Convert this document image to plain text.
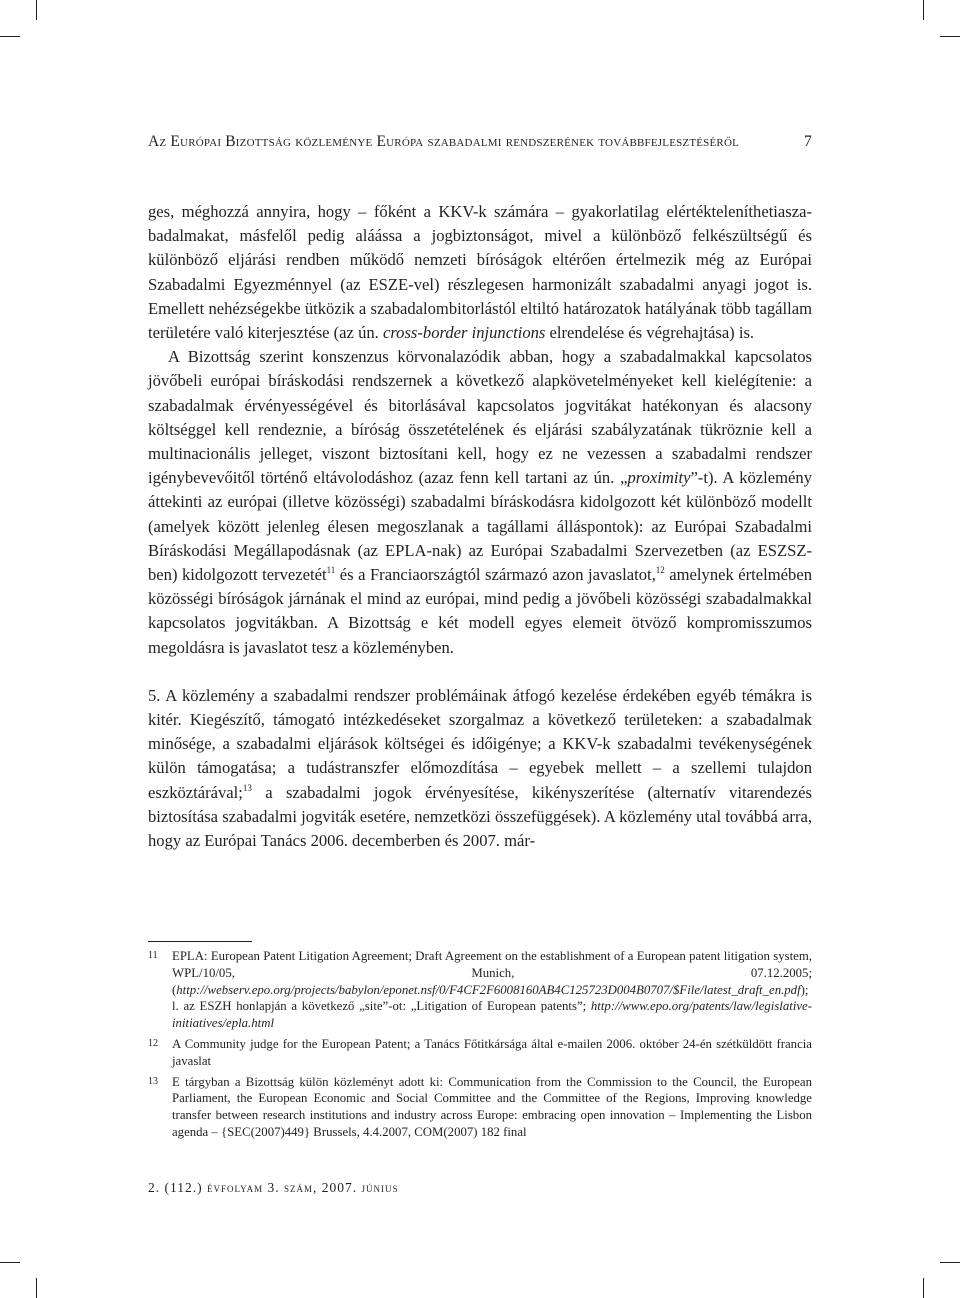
Az Európai Bizottság közleménye Európa szabadalmi rendszerének továbbfejlesztéséről	7

ges, méghozzá annyira, hogy – főként a KKV-k számára – gyakorlatilag elértékteleníthetiaszabadalmakat, másfelől pedig aláássa a jogbiztonságot, mivel a különböző felkészültségű és különböző eljárási rendben működő nemzeti bíróságok eltérően értelmezik még az Európai Szabadalmi Egyezménnyel (az ESZE-vel) részlegesen harmonizált szabadalmi anyagi jogot is. Emellett nehézségekbe ütközik a szabadalombitorlástól eltiltó határozatok hatályának több tagállam területére való kiterjesztése (az ún. cross-border injunctions elrendelése és végrehajtása) is.

A Bizottság szerint konszenzus körvonalazódik abban, hogy a szabadalmakkal kapcsolatos jövőbeli európai bíráskodási rendszernek a következő alapkövetelményeket kell kielégítenie: a szabadalmak érvényességével és bitorlásával kapcsolatos jogvitákat hatékonyan és alacsony költséggel kell rendeznie, a bíróság összetételének és eljárási szabályzatának tükröznie kell a multinacionális jelleget, viszont biztosítani kell, hogy ez ne vezessen a szabadalmi rendszer igénybevevőitől történő eltávolodáshoz (azaz fenn kell tartani az ún. „proximity”-t). A közlemény áttekinti az európai (illetve közösségi) szabadalmi bíráskodásra kidolgozott két különböző modellt (amelyek között jelenleg élesen megoszlanak a tagállami álláspontok): az Európai Szabadalmi Bíráskodási Megállapodásnak (az EPLA-nak) az Európai Szabadalmi Szervezetben (az ESZSZ-ben) kidolgozott tervezetét$^{11}$ és a Franciaországtól származó azon javaslatot,$^{12}$ amelynek értelmében közösségi bíróságok járnának el mind az európai, mind pedig a jövőbeli közösségi szabadalmakkal kapcsolatos jogvitákban. A Bizottság e két modell egyes elemeit ötvöző kompromisszumos megoldásra is javaslatot tesz a közleményben.

5. A közlemény a szabadalmi rendszer problémáinak átfogó kezelése érdekében egyéb témákra is kitér. Kiegészítő, támogató intézkedéseket szorgalmaz a következő területeken: a szabadalmak minősége, a szabadalmi eljárások költségei és időigénye; a KKV-k szabadalmi tevékenységének külön támogatása; a tudástranszfer előmozdítása – egyebek mellett – a szellemi tulajdon eszköztárával;$^{13}$ a szabadalmi jogok érvényesítése, kikényszerítése (alternatív vitarendezés biztosítása szabadalmi jogviták esetére, nemzetközi összefüggések). A közlemény utal továbbá arra, hogy az Európai Tanács 2006. decemberben és 2007. már-

11 EPLA: European Patent Litigation Agreement; Draft Agreement on the establishment of a European patent litigation system, WPL/10/05, Munich, 07.12.2005; (http://webserv.epo.org/projects/babylon/eponet.nsf/0/F4CF2F6008160AB4C125723D004B0707/$File/latest_draft_en.pdf); l. az ESZH honlapján a következő „site”-ot: „Litigation of European patents”; http://www.epo.org/patents/law/legislative-initiatives/epla.html
12 A Community judge for the European Patent; a Tanács Főtitkársága által e-mailen 2006. október 24-én szétküldött francia javaslat
13 E tárgyban a Bizottság külön közleményt adott ki: Communication from the Commission to the Council, the European Parliament, the European Economic and Social Committee and the Committee of the Regions, Improving knowledge transfer between research institutions and industry across Europe: embracing open innovation – Implementing the Lisbon agenda – {SEC(2007)449} Brussels, 4.4.2007, COM(2007) 182 final
2. (112.) évfolyam 3. szám, 2007. június
